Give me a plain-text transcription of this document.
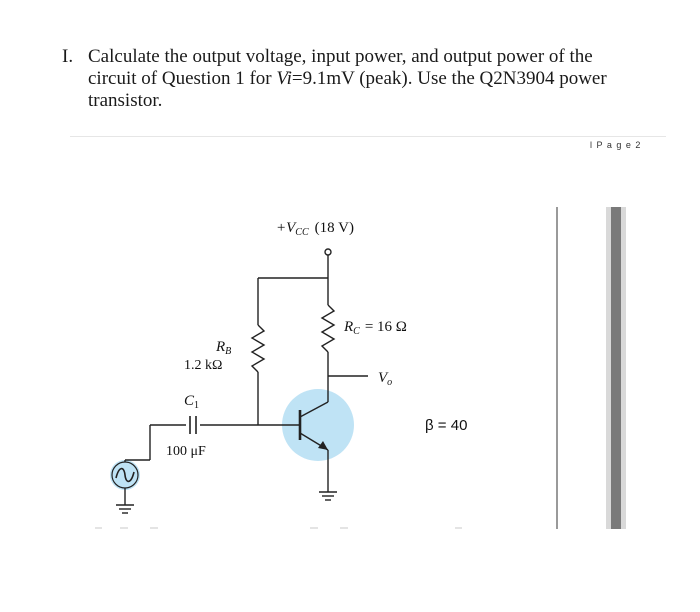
I. Calculate the output voltage, input power, and output power of the
circuit of Question 1 for Vi=9.1mV (peak). Use the Q2N3904 power
transistor.
l P a g e 2
$+V_{CC}$ (18 V)
$R_B$
1.2 kΩ
$R_C = 16$ Ω
$V_o$
$C_1$
100 μF
β = 40
